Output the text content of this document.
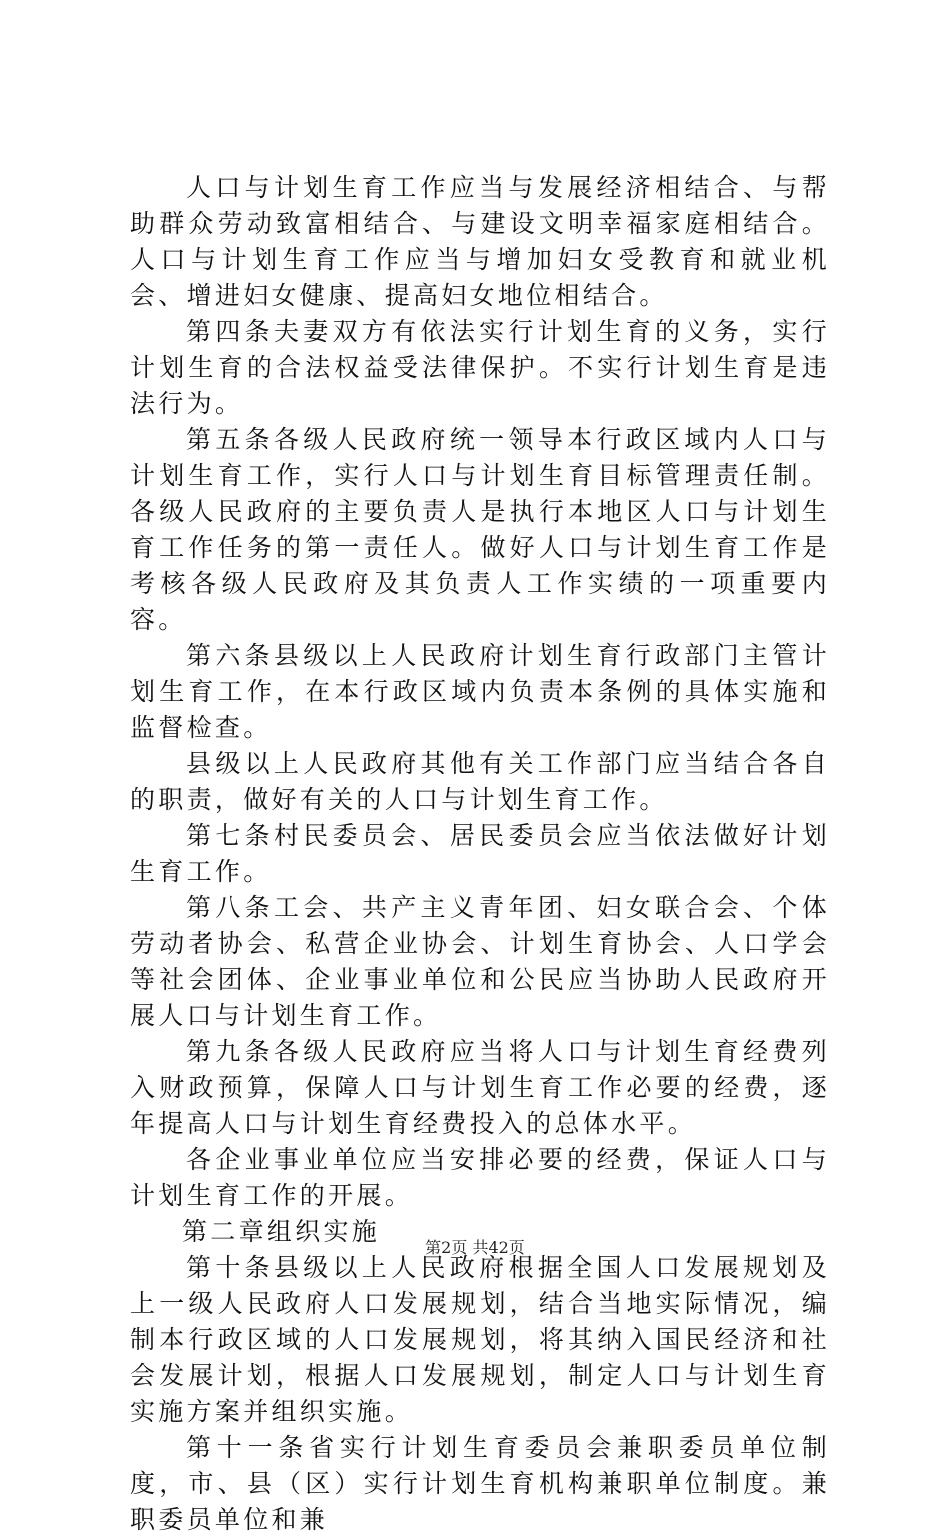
人口与计划生育工作应当与发展经济相结合、与帮助群众劳动致富相结合、与建设文明幸福家庭相结合。人口与计划生育工作应当与增加妇女受教育和就业机会、增进妇女健康、提高妇女地位相结合。

第四条夫妻双方有依法实行计划生育的义务，实行计划生育的合法权益受法律保护。不实行计划生育是违法行为。

第五条各级人民政府统一领导本行政区域内人口与计划生育工作，实行人口与计划生育目标管理责任制。各级人民政府的主要负责人是执行本地区人口与计划生育工作任务的第一责任人。做好人口与计划生育工作是考核各级人民政府及其负责人工作实绩的一项重要内容。

第六条县级以上人民政府计划生育行政部门主管计划生育工作，在本行政区域内负责本条例的具体实施和监督检查。

县级以上人民政府其他有关工作部门应当结合各自的职责，做好有关的人口与计划生育工作。

第七条村民委员会、居民委员会应当依法做好计划生育工作。

第八条工会、共产主义青年团、妇女联合会、个体劳动者协会、私营企业协会、计划生育协会、人口学会等社会团体、企业事业单位和公民应当协助人民政府开展人口与计划生育工作。

第九条各级人民政府应当将人口与计划生育经费列入财政预算，保障人口与计划生育工作必要的经费，逐年提高人口与计划生育经费投入的总体水平。

各企业事业单位应当安排必要的经费，保证人口与计划生育工作的开展。

第二章组织实施

第十条县级以上人民政府根据全国人口发展规划及上一级人民政府人口发展规划，结合当地实际情况，编制本行政区域的人口发展规划，将其纳入国民经济和社会发展计划，根据人口发展规划，制定人口与计划生育实施方案并组织实施。

第十一条省实行计划生育委员会兼职委员单位制度，市、县（区）实行计划生育机构兼职单位制度。兼职委员单位和兼

第2页 共42页
